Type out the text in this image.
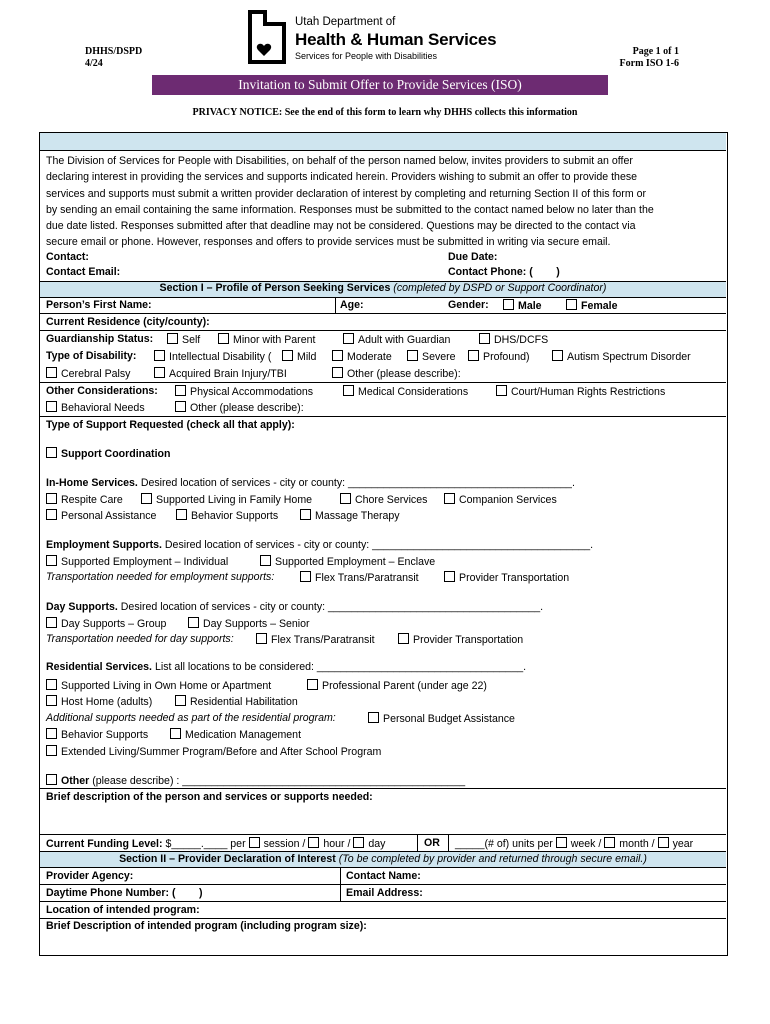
DHHS/DSPD
4/24
Page 1 of 1
Form ISO 1-6
Utah Department of
Health & Human Services
Services for People with Disabilities
Invitation to Submit Offer to Provide Services (ISO)
PRIVACY NOTICE: See the end of this form to learn why DHHS collects this information
The Division of Services for People with Disabilities, on behalf of the person named below, invites providers to submit an offer
declaring interest in providing the services and supports indicated herein. Providers wishing to submit an offer to provide these
services and supports must submit a written provider declaration of interest by completing and returning Section II of this form or
by sending an email containing the same information. Responses must be submitted to the contact named below no later than the
due date listed. Responses submitted after that deadline may not be considered. Questions may be directed to the contact via
secure email or phone. However, responses and offers to provide services must be submitted in writing via secure email.
Contact:	Due Date:
Contact Email:	Contact Phone: (        )
Section I – Profile of Person Seeking Services (completed by DSPD or Support Coordinator)
Person’s First Name:	Age:	Gender:	Male	Female
Current Residence (city/county):
Guardianship Status:	Self	Minor with Parent	Adult with Guardian	DHS/DCFS
Type of Disability:	Intellectual Disability (	Mild	Moderate	Severe	Profound)	Autism Spectrum Disorder
Cerebral Palsy	Acquired Brain Injury/TBI	Other (please describe):
Other Considerations:	Physical Accommodations	Medical Considerations	Court/Human Rights Restrictions
Behavioral Needs	Other (please describe):
Type of Support Requested (check all that apply):
Support Coordination
In-Home Services. Desired location of services - city or county: ______________________________________.
Respite Care	Supported Living in Family Home	Chore Services	Companion Services
Personal Assistance	Behavior Supports	Massage Therapy
Employment Supports. Desired location of services - city or county: _____________________________________.
Supported Employment – Individual	Supported Employment – Enclave
Transportation needed for employment supports:	Flex Trans/Paratransit	Provider Transportation
Day Supports. Desired location of services - city or county: ____________________________________.
Day Supports – Group	Day Supports – Senior
Transportation needed for day supports:	Flex Trans/Paratransit	Provider Transportation
Residential Services. List all locations to be considered: ___________________________________.
Supported Living in Own Home or Apartment	Professional Parent (under age 22)
Host Home (adults)	Residential Habilitation
Additional supports needed as part of the residential program:	Personal Budget Assistance
Behavior Supports	Medication Management
Extended Living/Summer Program/Before and After School Program
Other (please describe) : ________________________________________________
Brief description of the person and services or supports needed:
Current Funding Level: $_____.____ per session / hour / day	OR _____(# of) units per week / month / year
Section II – Provider Declaration of Interest (To be completed by provider and returned through secure email.)
Provider Agency:	Contact Name:
Daytime Phone Number: (        )	Email Address:
Location of intended program:
Brief Description of intended program (including program size):
